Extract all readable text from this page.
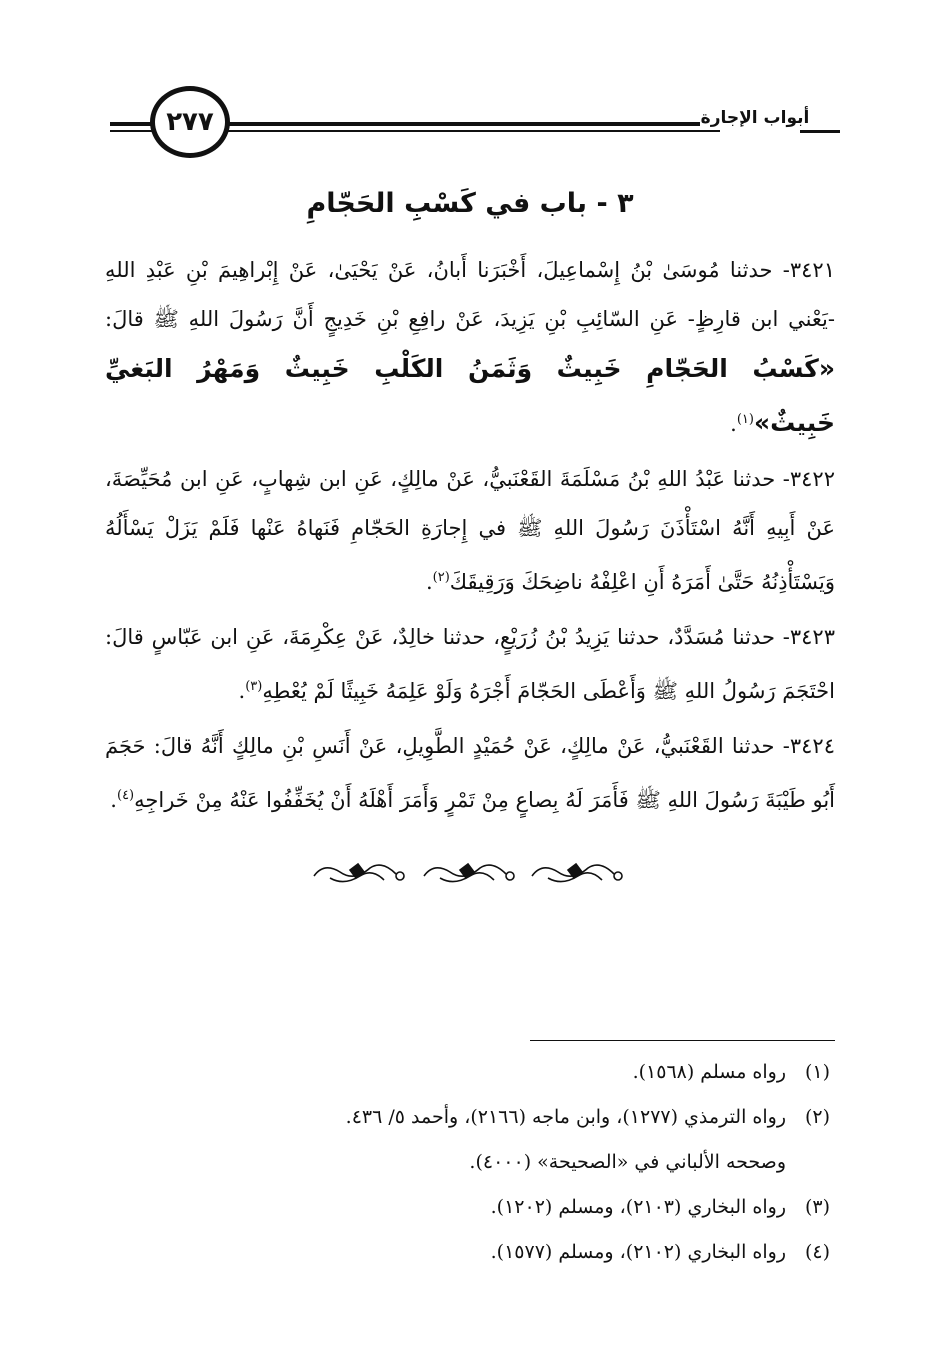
٢٧٧	أبواب الإجارة
٣ - باب في كَسْبِ الحَجّامِ

٣٤٢١- حدثنا مُوسَىٰ بْنُ إِسْماعِيلَ، أَخْبَرَنا أَبانُ، عَنْ يَحْيَىٰ، عَنْ إِبْراهِيمَ بْنِ عَبْدِ اللهِ -يَعْني ابن قارِظٍ- عَنِ السّائِبِ بْنِ يَزِيدَ، عَنْ رافِعِ بْنِ خَدِيجٍ أَنَّ رَسُولَ اللهِ ﷺ قالَ: «كَسْبُ الحَجّامِ خَبِيثٌ وَثَمَنُ الكَلْبِ خَبِيثٌ وَمَهْرُ البَغيِّ خَبِيثٌ»$^{(١)}$.

٣٤٢٢- حدثنا عَبْدُ اللهِ بْنُ مَسْلَمَةَ القَعْنَبيُّ، عَنْ مالِكٍ، عَنِ ابن شِهابٍ، عَنِ ابن مُحَيِّصَةَ، عَنْ أَبِيهِ أَنَّهُ اسْتَأْذَنَ رَسُولَ اللهِ ﷺ في إِجارَةِ الحَجّامِ فَنَهاهُ عَنْها فَلَمْ يَزَلْ يَسْأَلُهُ وَيَسْتَأْذِنُهُ حَتَّىٰ أَمَرَهُ أَنِ اعْلِفْهُ ناضِحَكَ وَرَقِيقَكَ$^{(٢)}$.

٣٤٢٣- حدثنا مُسَدَّدٌ، حدثنا يَزِيدُ بْنُ زُرَيْعٍ، حدثنا خالِدٌ، عَنْ عِكْرِمَةَ، عَنِ ابن عَبّاسٍ قالَ: احْتَجَمَ رَسُولُ اللهِ ﷺ وَأَعْطَى الحَجّامَ أَجْرَهُ وَلَوْ عَلِمَهُ خَبِيثًا لَمْ يُعْطِهِ$^{(٣)}$.

٣٤٢٤- حدثنا القَعْنَبيُّ، عَنْ مالِكٍ، عَنْ حُمَيْدٍ الطَّوِيلِ، عَنْ أَنَسِ بْنِ مالِكٍ أَنَّهُ قالَ: حَجَمَ أَبُو طَيْبَةَ رَسُولَ اللهِ ﷺ فَأَمَرَ لَهُ بِصاعٍ مِنْ تَمْرٍ وَأَمَرَ أَهْلَهُ أَنْ يُخَفِّفُوا عَنْهُ مِنْ خَراجِهِ$^{(٤)}$.

(١)رواه مسلم (١٥٦٨).

(٢)رواه الترمذي (١٢٧٧)، وابن ماجه (٢١٦٦)، وأحمد ٥/ ٤٣٦.

وصححه الألباني في «الصحيحة» (٤٠٠٠).

(٣)رواه البخاري (٢١٠٣)، ومسلم (١٢٠٢).

(٤)رواه البخاري (٢١٠٢)، ومسلم (١٥٧٧).
